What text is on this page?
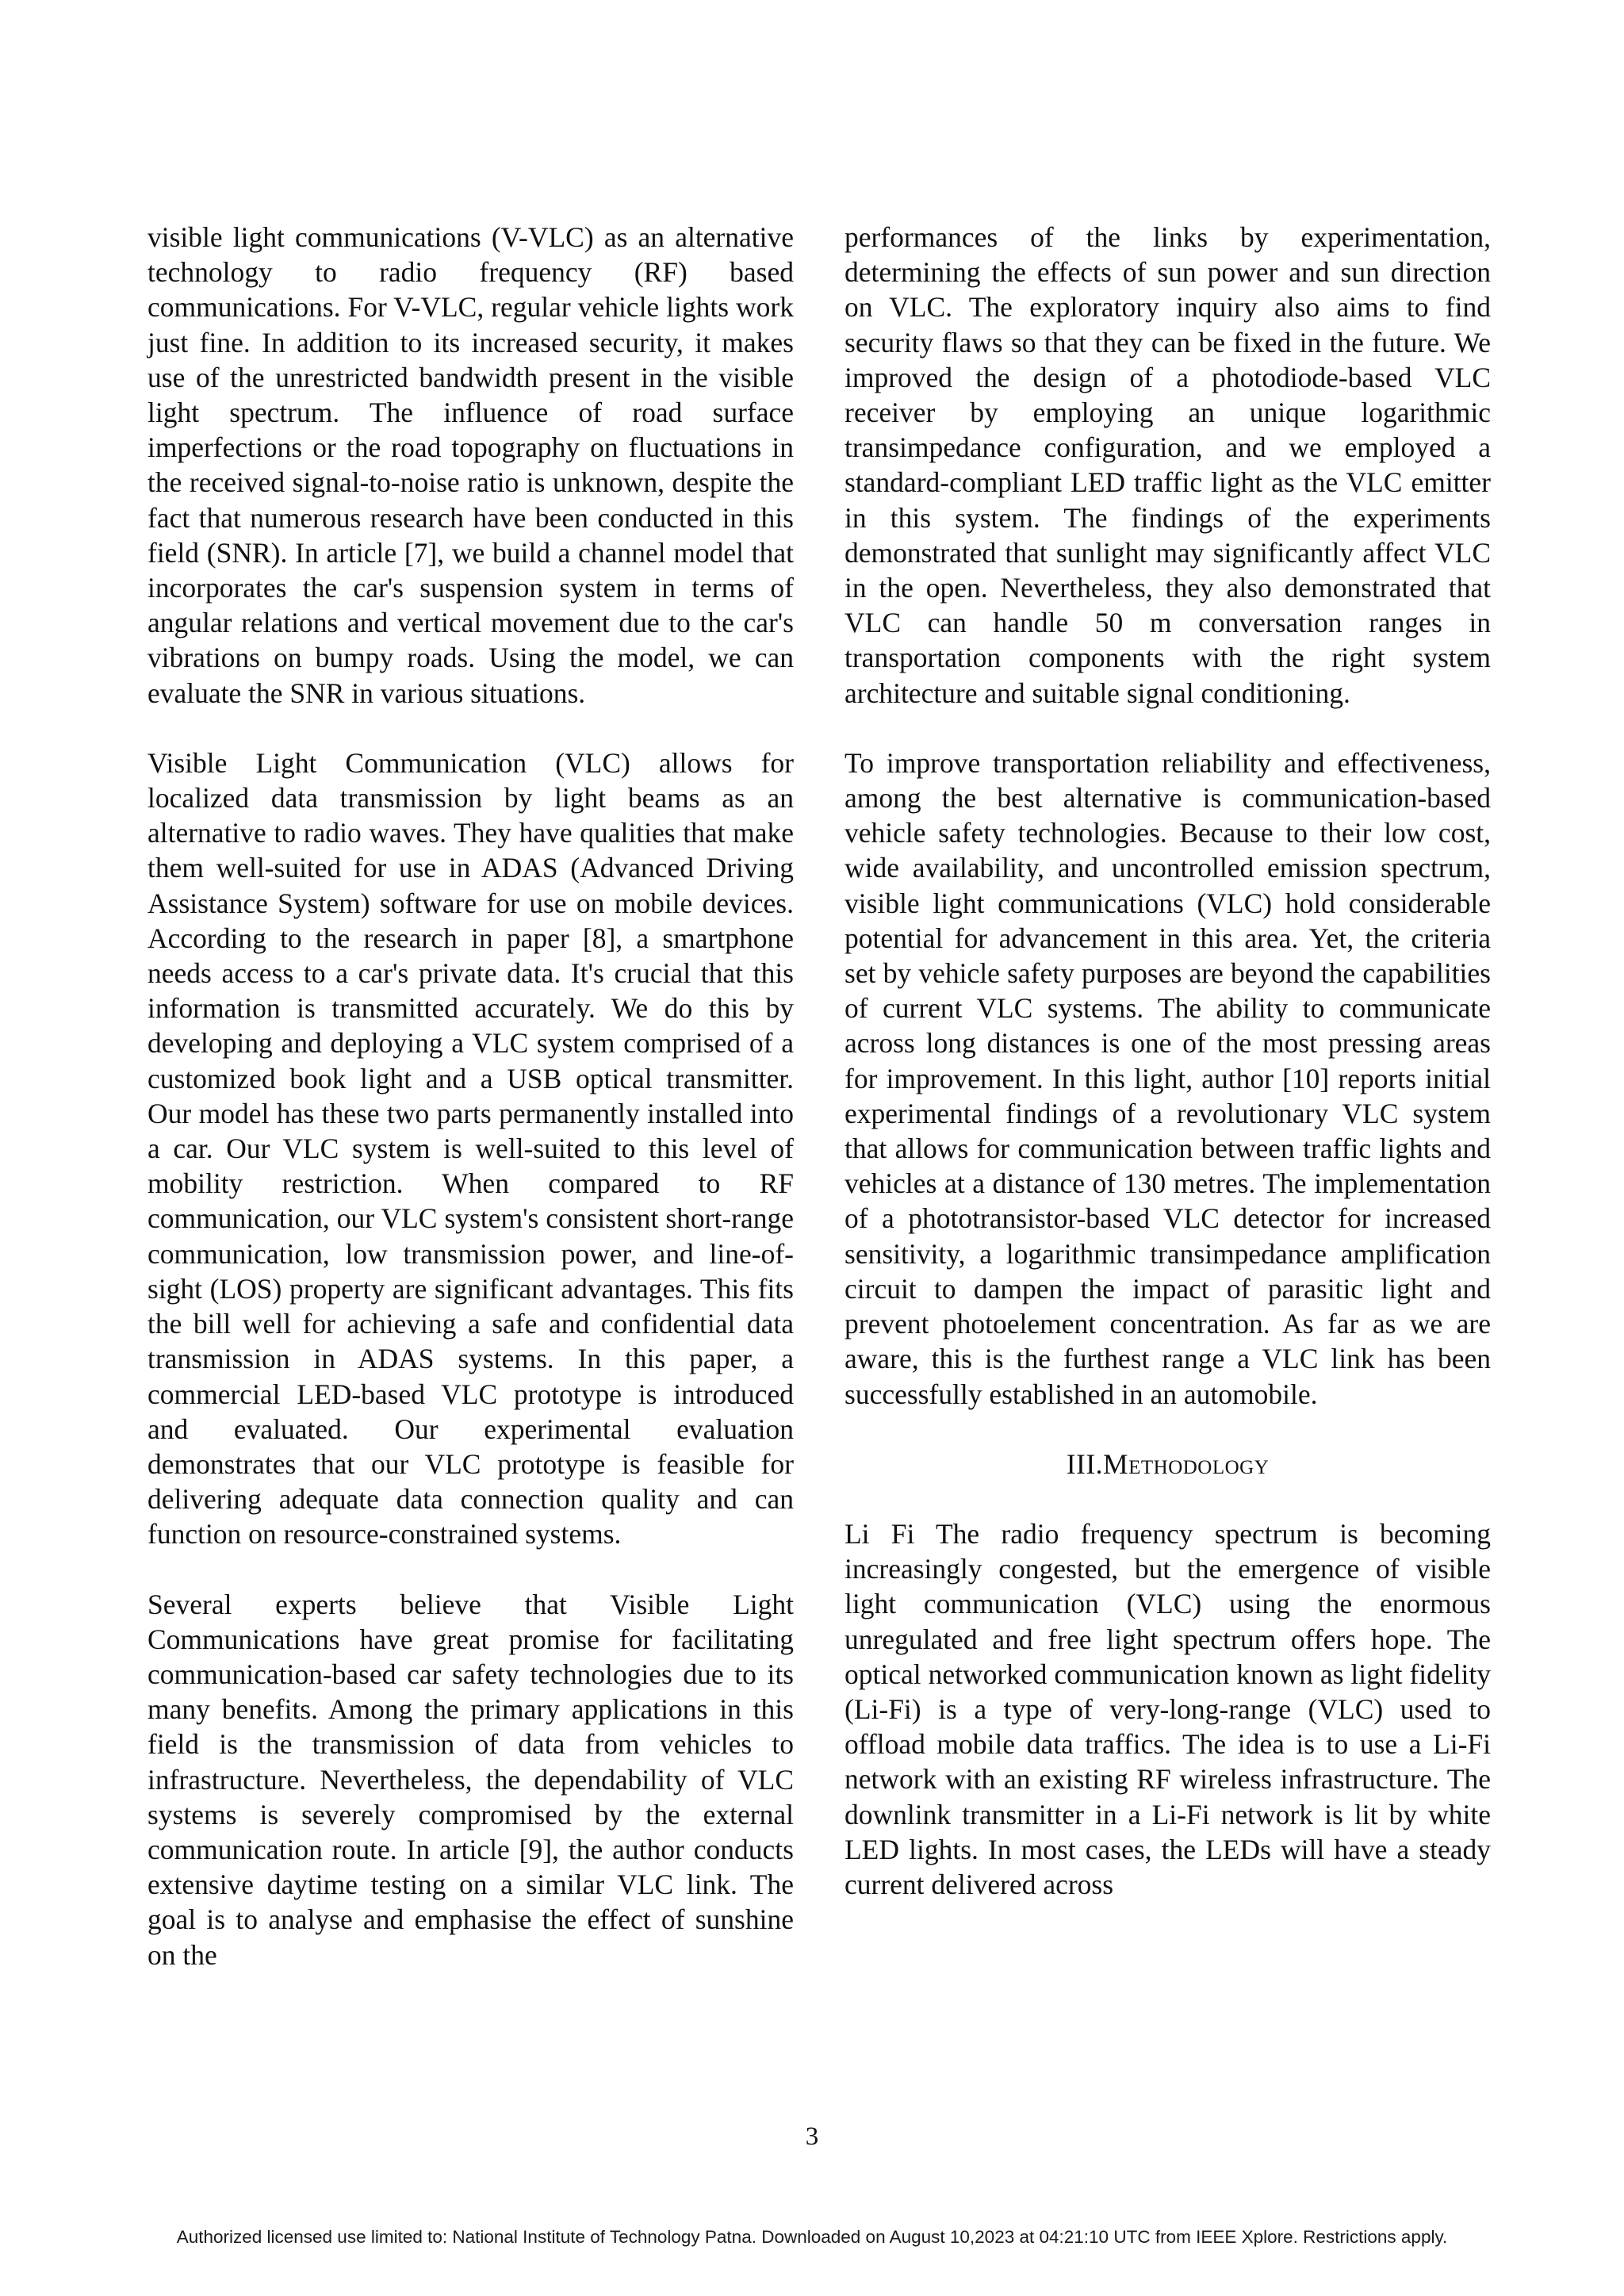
visible light communications (V-VLC) as an alternative technology to radio frequency (RF) based communications. For V-VLC, regular vehicle lights work just fine. In addition to its increased security, it makes use of the unrestricted bandwidth present in the visible light spectrum. The influence of road surface imperfections or the road topography on fluctuations in the received signal-to-noise ratio is unknown, despite the fact that numerous research have been conducted in this field (SNR). In article [7], we build a channel model that incorporates the car's suspension system in terms of angular relations and vertical movement due to the car's vibrations on bumpy roads. Using the model, we can evaluate the SNR in various situations.

Visible Light Communication (VLC) allows for localized data transmission by light beams as an alternative to radio waves. They have qualities that make them well-suited for use in ADAS (Advanced Driving Assistance System) software for use on mobile devices. According to the research in paper [8], a smartphone needs access to a car's private data. It's crucial that this information is transmitted accurately. We do this by developing and deploying a VLC system comprised of a customized book light and a USB optical transmitter. Our model has these two parts permanently installed into a car. Our VLC system is well-suited to this level of mobility restriction. When compared to RF communication, our VLC system's consistent short-range communication, low transmission power, and line-of-sight (LOS) property are significant advantages. This fits the bill well for achieving a safe and confidential data transmission in ADAS systems. In this paper, a commercial LED-based VLC prototype is introduced and evaluated. Our experimental evaluation demonstrates that our VLC prototype is feasible for delivering adequate data connection quality and can function on resource-constrained systems.

Several experts believe that Visible Light Communications have great promise for facilitating communication-based car safety technologies due to its many benefits. Among the primary applications in this field is the transmission of data from vehicles to infrastructure. Nevertheless, the dependability of VLC systems is severely compromised by the external communication route. In article [9], the author conducts extensive daytime testing on a similar VLC link. The goal is to analyse and emphasise the effect of sunshine on the

performances of the links by experimentation, determining the effects of sun power and sun direction on VLC. The exploratory inquiry also aims to find security flaws so that they can be fixed in the future. We improved the design of a photodiode-based VLC receiver by employing an unique logarithmic transimpedance configuration, and we employed a standard-compliant LED traffic light as the VLC emitter in this system. The findings of the experiments demonstrated that sunlight may significantly affect VLC in the open. Nevertheless, they also demonstrated that VLC can handle 50 m conversation ranges in transportation components with the right system architecture and suitable signal conditioning.

To improve transportation reliability and effectiveness, among the best alternative is communication-based vehicle safety technologies. Because to their low cost, wide availability, and uncontrolled emission spectrum, visible light communications (VLC) hold considerable potential for advancement in this area. Yet, the criteria set by vehicle safety purposes are beyond the capabilities of current VLC systems. The ability to communicate across long distances is one of the most pressing areas for improvement. In this light, author [10] reports initial experimental findings of a revolutionary VLC system that allows for communication between traffic lights and vehicles at a distance of 130 metres. The implementation of a phototransistor-based VLC detector for increased sensitivity, a logarithmic transimpedance amplification circuit to dampen the impact of parasitic light and prevent photoelement concentration. As far as we are aware, this is the furthest range a VLC link has been successfully established in an automobile.

III.Methodology

Li Fi The radio frequency spectrum is becoming increasingly congested, but the emergence of visible light communication (VLC) using the enormous unregulated and free light spectrum offers hope. The optical networked communication known as light fidelity (Li-Fi) is a type of very-long-range (VLC) used to offload mobile data traffics. The idea is to use a Li-Fi network with an existing RF wireless infrastructure. The downlink transmitter in a Li-Fi network is lit by white LED lights. In most cases, the LEDs will have a steady current delivered across

3
Authorized licensed use limited to: National Institute of Technology Patna. Downloaded on August 10,2023 at 04:21:10 UTC from IEEE Xplore. Restrictions apply.
